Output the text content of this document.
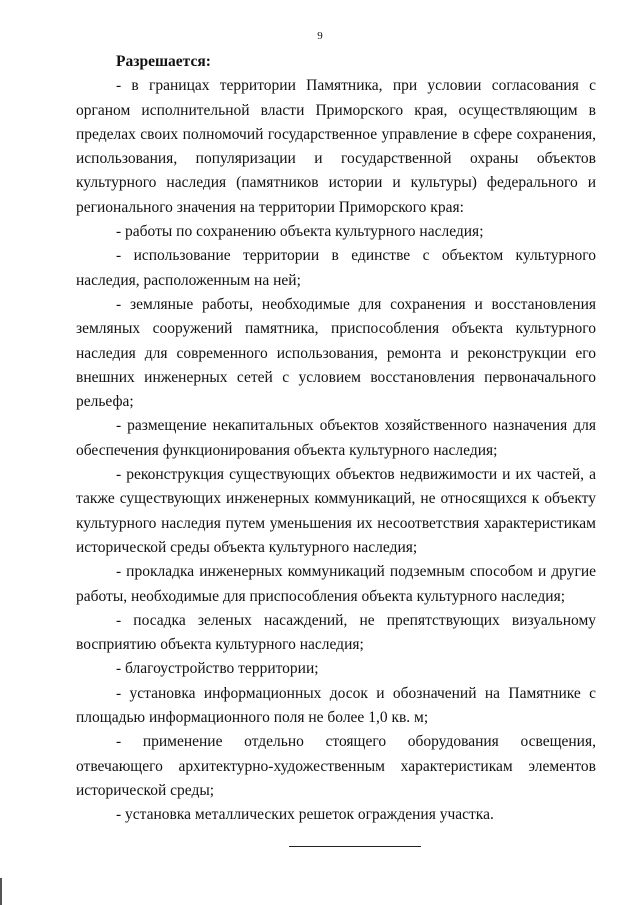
9

Разрешается:

- в границах территории Памятника, при условии согласования с органом исполнительной власти Приморского края, осуществляющим в пределах своих полномочий государственное управление в сфере сохранения, использования, популяризации и государственной охраны объектов культурного наследия (памятников истории и культуры) федерального и регионального значения на территории Приморского края:

- работы по сохранению объекта культурного наследия;

- использование территории в единстве с объектом культурного наследия, расположенным на ней;

- земляные работы, необходимые для сохранения и восстановления земляных сооружений памятника, приспособления объекта культурного наследия для современного использования, ремонта и реконструкции его внешних инженерных сетей с условием восстановления первоначального рельефа;

- размещение некапитальных объектов хозяйственного назначения для обеспечения функционирования объекта культурного наследия;

- реконструкция существующих объектов недвижимости и их частей, а также существующих инженерных коммуникаций, не относящихся к объекту культурного наследия путем уменьшения их несоответствия характеристикам исторической среды объекта культурного наследия;

- прокладка инженерных коммуникаций подземным способом и другие работы, необходимые для приспособления объекта культурного наследия;

- посадка зеленых насаждений, не препятствующих визуальному восприятию объекта культурного наследия;

- благоустройство территории;

- установка информационных досок и обозначений на Памятнике с площадью информационного поля не более 1,0 кв. м;

- применение отдельно стоящего оборудования освещения, отвечающего архитектурно-художественным характеристикам элементов исторической среды;

- установка металлических решеток ограждения участка.
